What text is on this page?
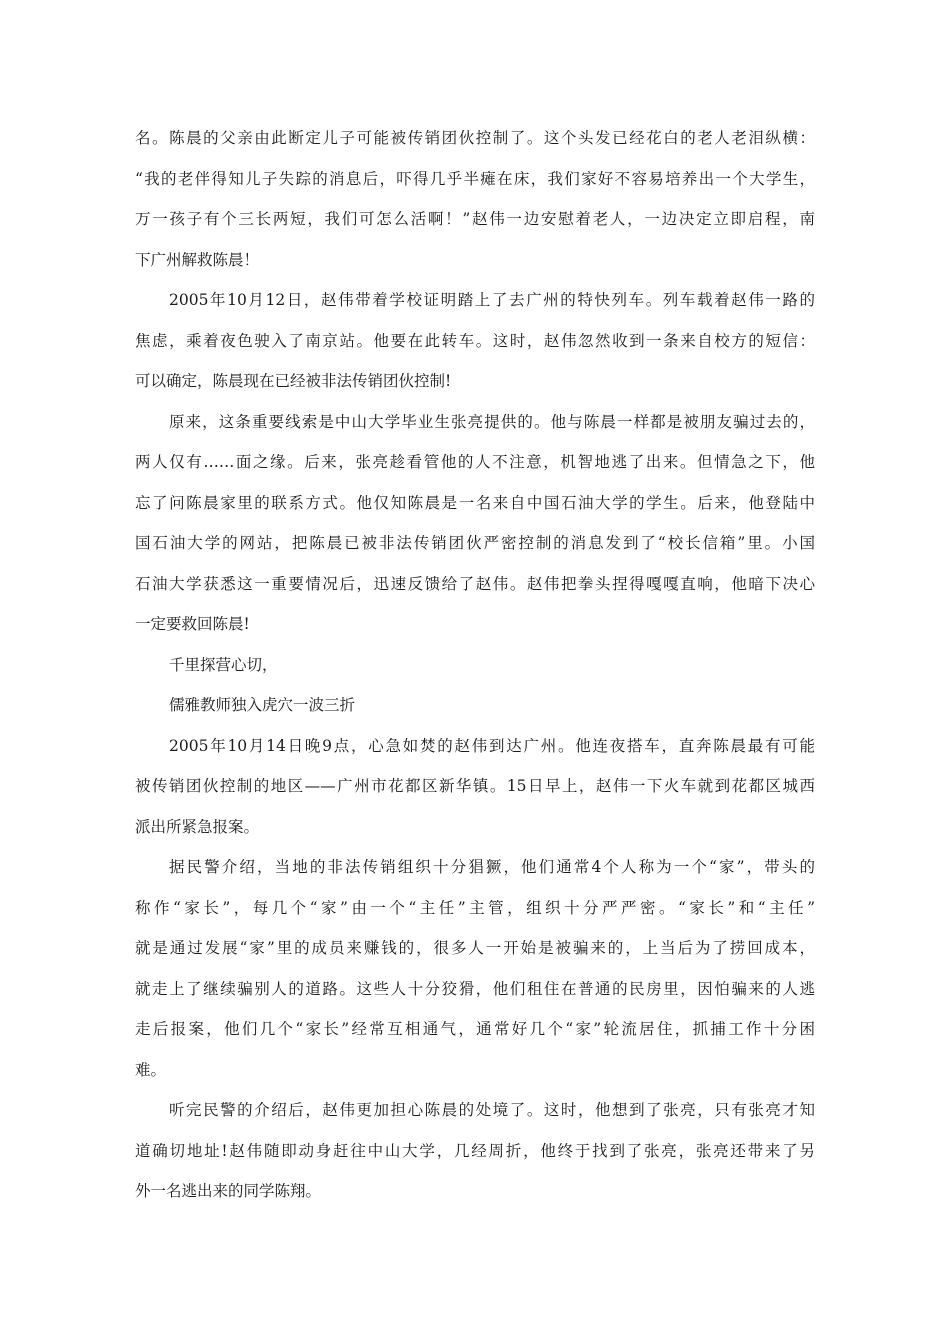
名。陈晨的父亲由此断定儿子可能被传销团伙控制了。这个头发已经花白的老人老泪纵横：
“我的老伴得知儿子失踪的消息后，吓得几乎半瘫在床，我们家好不容易培养出一个大学生，
万一孩子有个三长两短，我们可怎么活啊！”赵伟一边安慰着老人，一边决定立即启程，南
下广州解救陈晨！
2005年10月12日，赵伟带着学校证明踏上了去广州的特快列车。列车载着赵伟一路的
焦虑，乘着夜色驶入了南京站。他要在此转车。这时，赵伟忽然收到一条来自校方的短信：
可以确定，陈晨现在已经被非法传销团伙控制!
原来，这条重要线索是中山大学毕业生张亮提供的。他与陈晨一样都是被朋友骗过去的，
两人仅有……面之缘。后来，张亮趁看管他的人不注意，机智地逃了出来。但情急之下，他
忘了问陈晨家里的联系方式。他仅知陈晨是一名来自中国石油大学的学生。后来，他登陆中
国石油大学的网站，把陈晨已被非法传销团伙严密控制的消息发到了“校长信箱”里。小国
石油大学获悉这一重要情况后，迅速反馈给了赵伟。赵伟把拳头捏得嘎嘎直响，他暗下决心
一定要救回陈晨!
千里探营心切，
儒雅教师独入虎穴一波三折
2005年10月14日晚9点，心急如焚的赵伟到达广州。他连夜搭车，直奔陈晨最有可能
被传销团伙控制的地区——广州市花都区新华镇。15日早上，赵伟一下火车就到花都区城西
派出所紧急报案。
据民警介绍，当地的非法传销组织十分猖獗，他们通常4个人称为一个“家”，带头的
称作“家长”，每几个“家”由一个“主任”主管，组织十分严严密。“家长”和“主任”
就是通过发展“家”里的成员来赚钱的，很多人一开始是被骗来的，上当后为了捞回成本，
就走上了继续骗别人的道路。这些人十分狡猾，他们租住在普通的民房里，因怕骗来的人逃
走后报案，他们几个“家长”经常互相通气，通常好几个“家”轮流居住，抓捕工作十分困
难。
听完民警的介绍后，赵伟更加担心陈晨的处境了。这时，他想到了张亮，只有张亮才知
道确切地址!赵伟随即动身赶往中山大学，几经周折，他终于找到了张亮，张亮还带来了另
外一名逃出来的同学陈翔。
